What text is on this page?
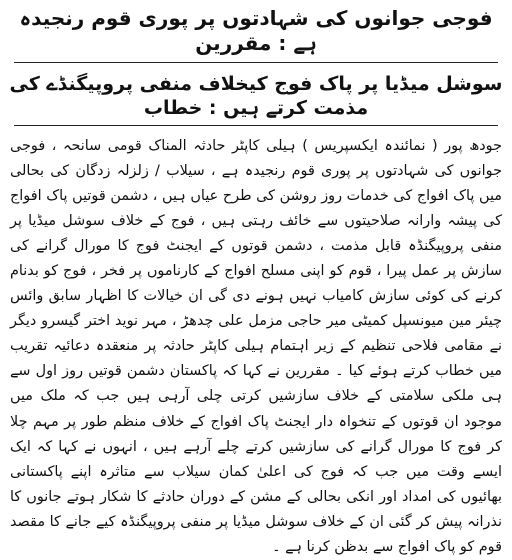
فوجی جوانوں کی شہادتوں پر پوری قوم رنجیدہ ہے : مقررین
سوشل میڈیا پر پاک فوج کیخلاف منفی پروپیگنڈے کی مذمت کرتے ہیں : خطاب

جودھ پور ( نمائندہ ایکسپریس ) ہیلی کاپٹر حادثہ المناک قومی سانحہ ، فوجی جوانوں کی شہادتوں پر پوری قوم رنجیدہ ہے ، سیلاب / زلزلہ زدگان کی بحالی میں پاک افواج کی خدمات روز روشن کی طرح عیاں ہیں ، دشمن قوتیں پاک افواج کی پیشہ وارانہ صلاحیتوں سے خائف رہتی ہیں ، فوج کے خلاف سوشل میڈیا پر منفی پروپیگنڈہ قابل مذمت ، دشمن قوتوں کے ایجنٹ فوج کا مورال گرانے کی سازش پر عمل پیرا ، قوم کو اپنی مسلح افواج کے کارناموں پر فخر ، فوج کو بدنام کرنے کی کوئی سازش کامیاب نہیں ہونے دی گی ان خیالات کا اظہار سابق وائس چیئر مین میونسپل کمیٹی میر حاجی مزمل علی چدھڑ ، مہر نوید اختر گیسرو دیگر نے مقامی فلاحی تنظیم کے زیر اہتمام ہیلی کاپٹر حادثہ پر منعقدہ دعائیہ تقریب میں خطاب کرتے ہوئے کیا ۔ مقررین نے کہا کہ پاکستان دشمن قوتیں روز اول سے ہی ملکی سلامتی کے خلاف سازشیں کرتی چلی آرہی ہیں جب کہ ملک میں موجود ان قوتوں کے تنخواہ دار ایجنٹ پاک افواج کے خلاف منظم طور پر مہم چلا کر فوج کا مورال گرانے کی سازشیں کرتے چلے آرہے ہیں ، انہوں نے کہا کہ ایک ایسے وقت میں جب کہ فوج کی اعلیٰ کمان سیلاب سے متاثرہ اپنے پاکستانی بھائیوں کی امداد اور انکی بحالی کے مشن کے دوران حادثے کا شکار ہوتے جانوں کا نذرانہ پیش کر گئی ان کے خلاف سوشل میڈیا پر منفی پروپیگنڈہ کیے جانے کا مقصد قوم کو پاک افواج سے بدظن کرنا ہے ۔
